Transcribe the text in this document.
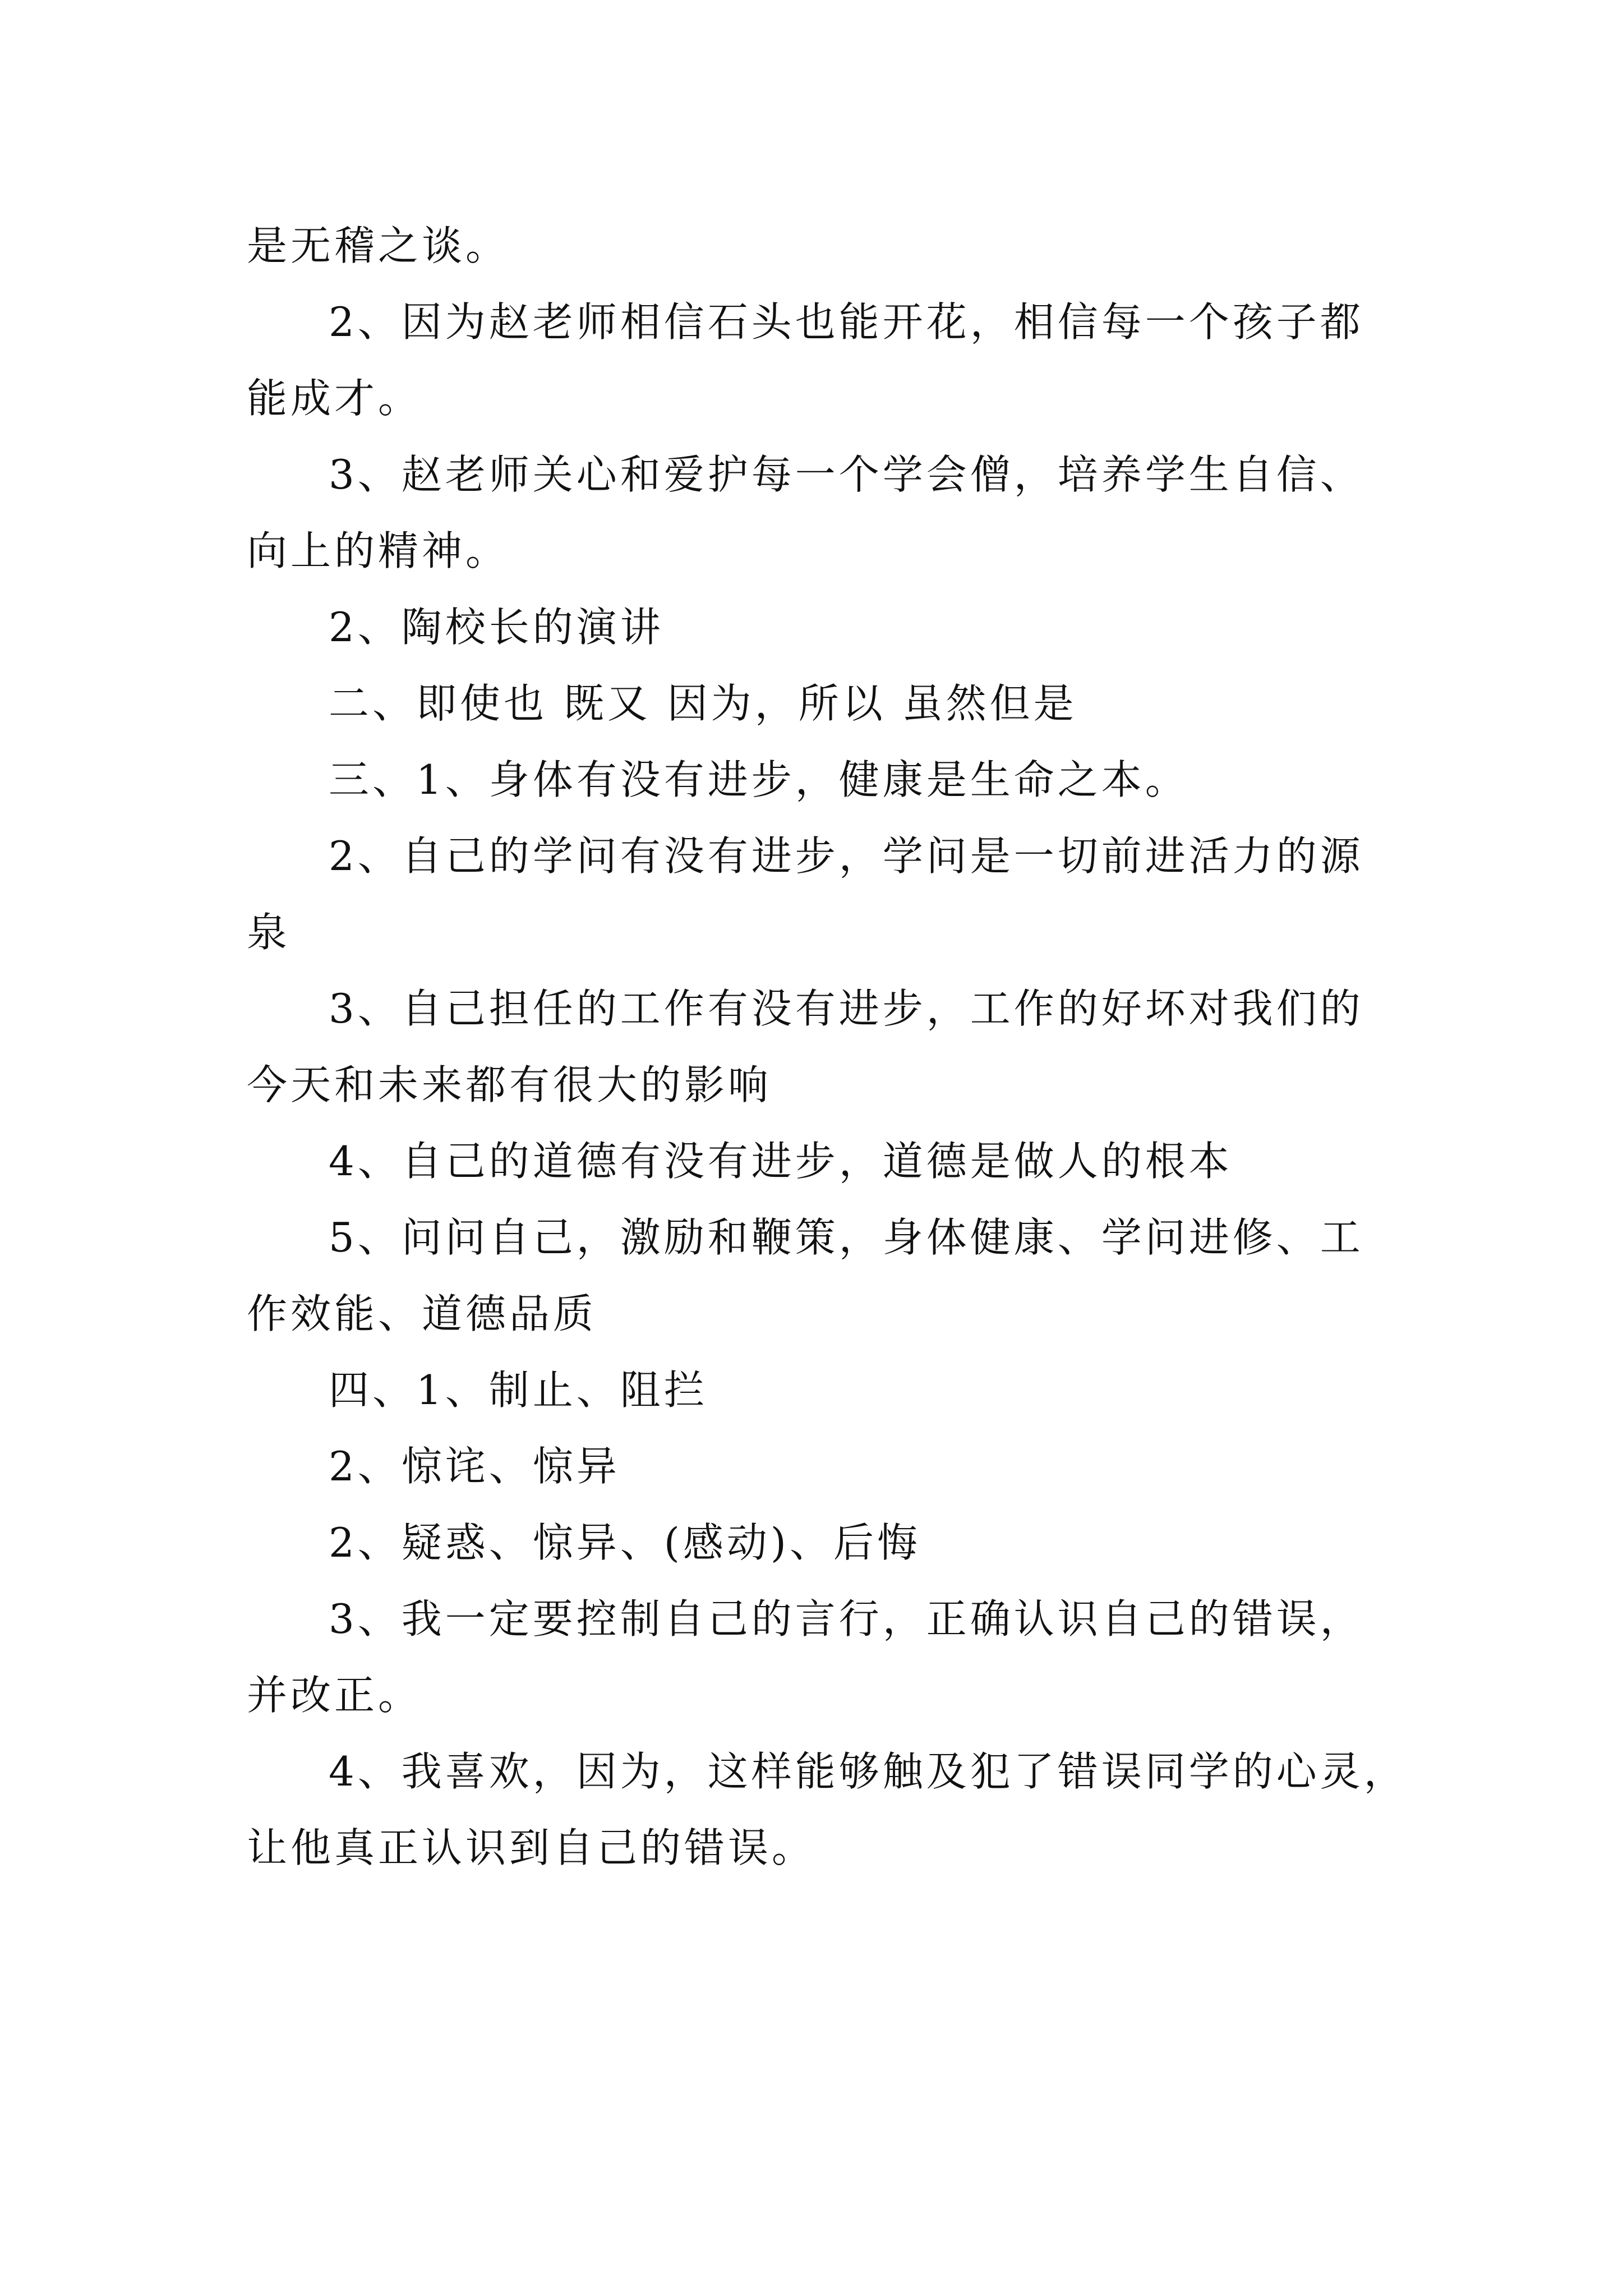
是无稽之谈。
2、因为赵老师相信石头也能开花，相信每一个孩子都
能成才。
3、赵老师关心和爱护每一个学会僧，培养学生自信、
向上的精神。
2、陶校长的演讲
二、即使也 既又 因为，所以 虽然但是
三、1、身体有没有进步，健康是生命之本。
2、自己的学问有没有进步，学问是一切前进活力的源
泉
3、自己担任的工作有没有进步，工作的好坏对我们的
今天和未来都有很大的影响
4、自己的道德有没有进步，道德是做人的根本
5、问问自己，激励和鞭策，身体健康、学问进修、工
作效能、道德品质
四、1、制止、阻拦
2、惊诧、惊异
2、疑惑、惊异、(感动)、后悔
3、我一定要控制自己的言行，正确认识自己的错误，
并改正。
4、我喜欢，因为，这样能够触及犯了错误同学的心灵，
让他真正认识到自己的错误。
